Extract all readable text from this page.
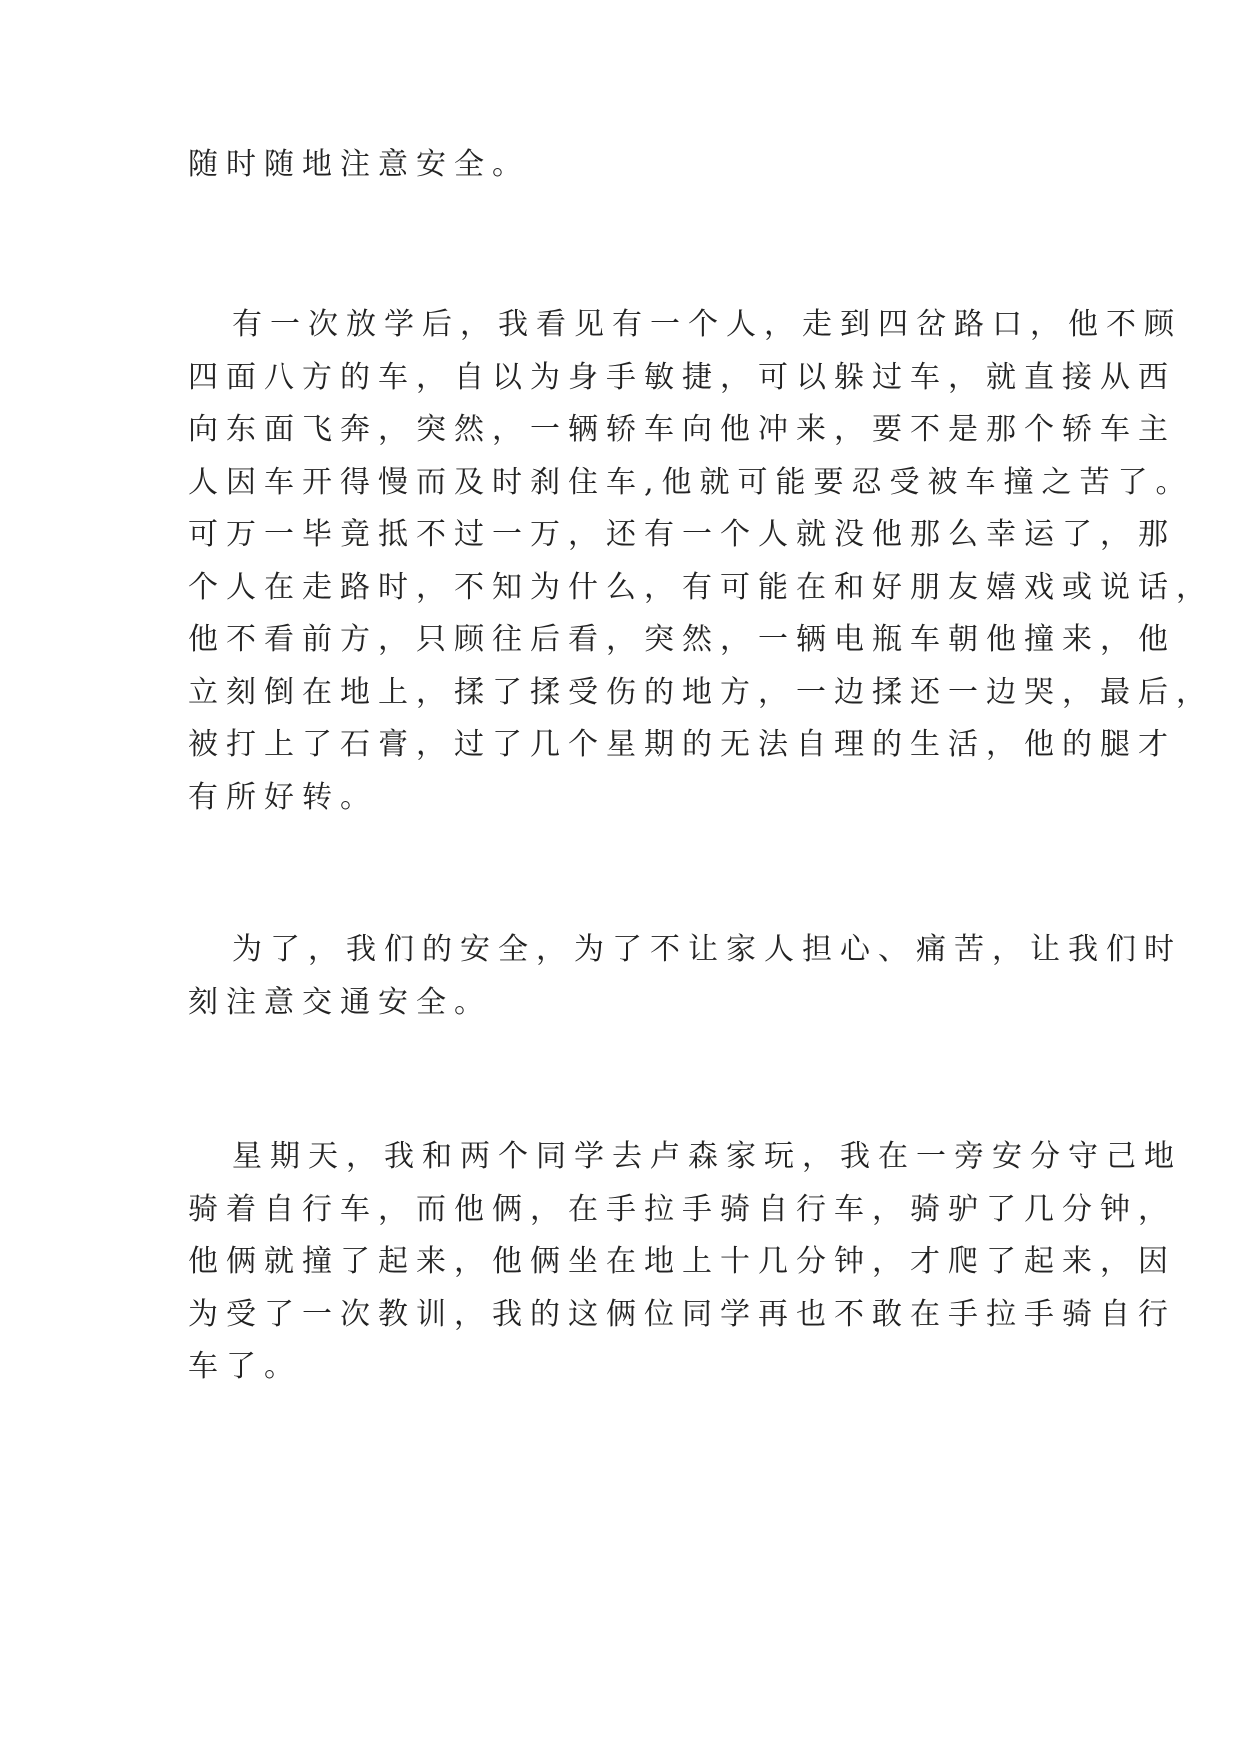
随时随地注意安全。
有一次放学后，我看见有一个人，走到四岔路口，他不顾
四面八方的车，自以为身手敏捷，可以躲过车，就直接从西
向东面飞奔，突然，一辆轿车向他冲来，要不是那个轿车主
人因车开得慢而及时刹住车,他就可能要忍受被车撞之苦了。
可万一毕竟抵不过一万，还有一个人就没他那么幸运了，那
个人在走路时，不知为什么，有可能在和好朋友嬉戏或说话，
他不看前方，只顾往后看，突然，一辆电瓶车朝他撞来，他
立刻倒在地上，揉了揉受伤的地方，一边揉还一边哭，最后，
被打上了石膏，过了几个星期的无法自理的生活，他的腿才
有所好转。
为了，我们的安全，为了不让家人担心、痛苦，让我们时
刻注意交通安全。
星期天，我和两个同学去卢森家玩，我在一旁安分守己地
骑着自行车，而他俩，在手拉手骑自行车，骑驴了几分钟，
他俩就撞了起来，他俩坐在地上十几分钟，才爬了起来，因
为受了一次教训，我的这俩位同学再也不敢在手拉手骑自行
车了。
